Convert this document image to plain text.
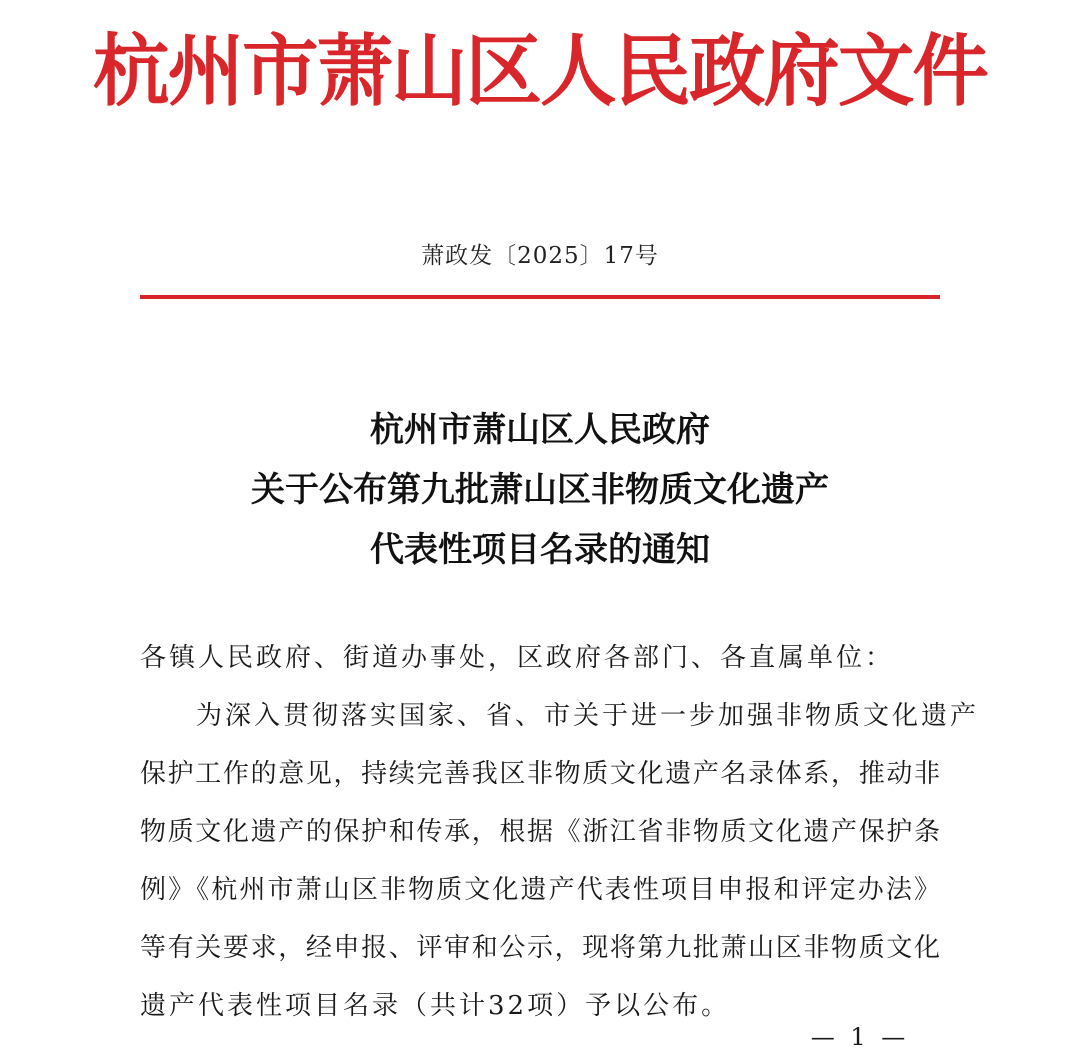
杭州市萧山区人民政府文件
萧政发〔2025〕17号
杭州市萧山区人民政府
关于公布第九批萧山区非物质文化遗产
代表性项目名录的通知
各镇人民政府、街道办事处，区政府各部门、各直属单位：
为深入贯彻落实国家、省、市关于进一步加强非物质文化遗产
保护工作的意见，持续完善我区非物质文化遗产名录体系，推动非
物质文化遗产的保护和传承，根据《浙江省非物质文化遗产保护条
例》《杭州市萧山区非物质文化遗产代表性项目申报和评定办法》
等有关要求，经申报、评审和公示，现将第九批萧山区非物质文化
遗产代表性项目名录（共计32项）予以公布。
— 1 —
